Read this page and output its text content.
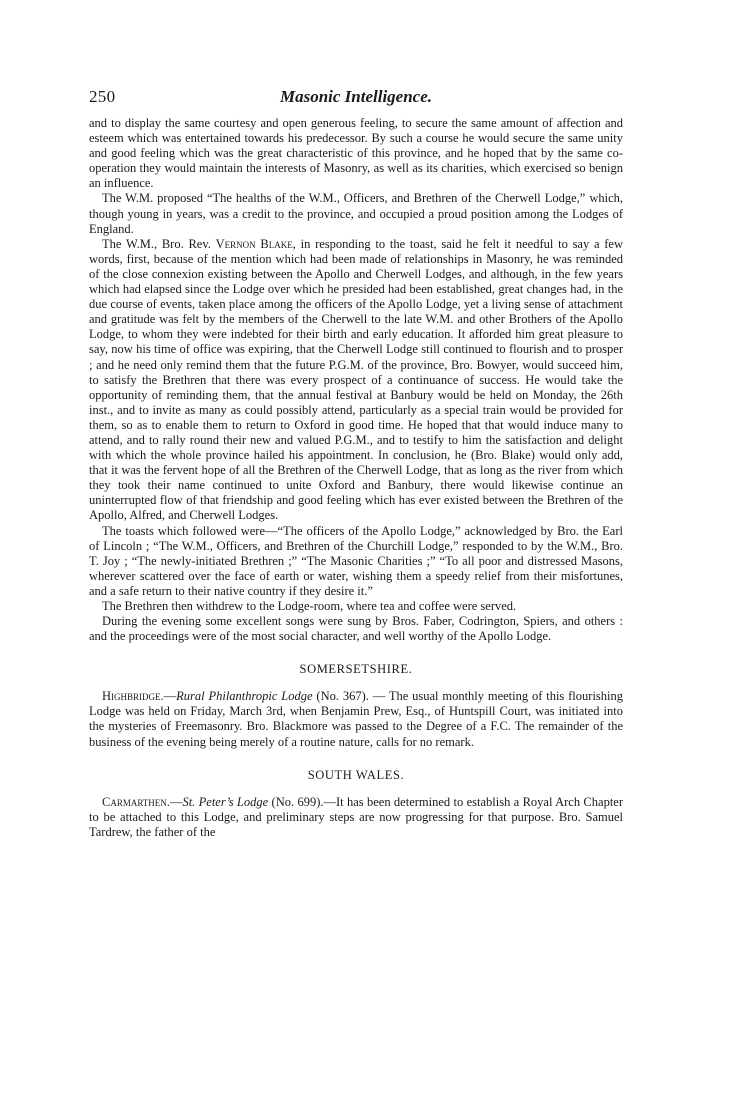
250	Masonic Intelligence.

and to display the same courtesy and open generous feeling, to secure the same amount of affection and esteem which was entertained towards his predecessor. By such a course he would secure the same unity and good feeling which was the great characteristic of this province, and he hoped that by the same co-operation they would maintain the interests of Masonry, as well as its charities, which exercised so benign an influence.

The W.M. proposed “The healths of the W.M., Officers, and Brethren of the Cherwell Lodge,” which, though young in years, was a credit to the province, and occupied a proud position among the Lodges of England.

The W.M., Bro. Rev. Vernon Blake, in responding to the toast, said he felt it needful to say a few words, first, because of the mention which had been made of relationships in Masonry, he was reminded of the close connexion existing between the Apollo and Cherwell Lodges, and although, in the few years which had elapsed since the Lodge over which he presided had been established, great changes had, in the due course of events, taken place among the officers of the Apollo Lodge, yet a living sense of attachment and gratitude was felt by the members of the Cherwell to the late W.M. and other Brothers of the Apollo Lodge, to whom they were indebted for their birth and early education. It afforded him great pleasure to say, now his time of office was expiring, that the Cherwell Lodge still continued to flourish and to prosper ; and he need only remind them that the future P.G.M. of the province, Bro. Bowyer, would succeed him, to satisfy the Brethren that there was every prospect of a continuance of success. He would take the opportunity of reminding them, that the annual festival at Banbury would be held on Monday, the 26th inst., and to invite as many as could possibly attend, particularly as a special train would be provided for them, so as to enable them to return to Oxford in good time. He hoped that that would induce many to attend, and to rally round their new and valued P.G.M., and to testify to him the satisfaction and delight with which the whole province hailed his appointment. In conclusion, he (Bro. Blake) would only add, that it was the fervent hope of all the Brethren of the Cherwell Lodge, that as long as the river from which they took their name continued to unite Oxford and Banbury, there would likewise continue an uninterrupted flow of that friendship and good feeling which has ever existed between the Brethren of the Apollo, Alfred, and Cherwell Lodges.

The toasts which followed were—“The officers of the Apollo Lodge,” acknowledged by Bro. the Earl of Lincoln ; “The W.M., Officers, and Brethren of the Churchill Lodge,” responded to by the W.M., Bro. T. Joy ; “The newly-initiated Brethren ;” “The Masonic Charities ;” “To all poor and distressed Masons, wherever scattered over the face of earth or water, wishing them a speedy relief from their misfortunes, and a safe return to their native country if they desire it.”

The Brethren then withdrew to the Lodge-room, where tea and coffee were served.

During the evening some excellent songs were sung by Bros. Faber, Codrington, Spiers, and others : and the proceedings were of the most social character, and well worthy of the Apollo Lodge.

SOMERSETSHIRE.

Highbridge.—Rural Philanthropic Lodge (No. 367). — The usual monthly meeting of this flourishing Lodge was held on Friday, March 3rd, when Benjamin Prew, Esq., of Huntspill Court, was initiated into the mysteries of Freemasonry. Bro. Blackmore was passed to the Degree of a F.C. The remainder of the business of the evening being merely of a routine nature, calls for no remark.

SOUTH WALES.

Carmarthen.—St. Peter’s Lodge (No. 699).—It has been determined to establish a Royal Arch Chapter to be attached to this Lodge, and preliminary steps are now progressing for that purpose. Bro. Samuel Tardrew, the father of the
